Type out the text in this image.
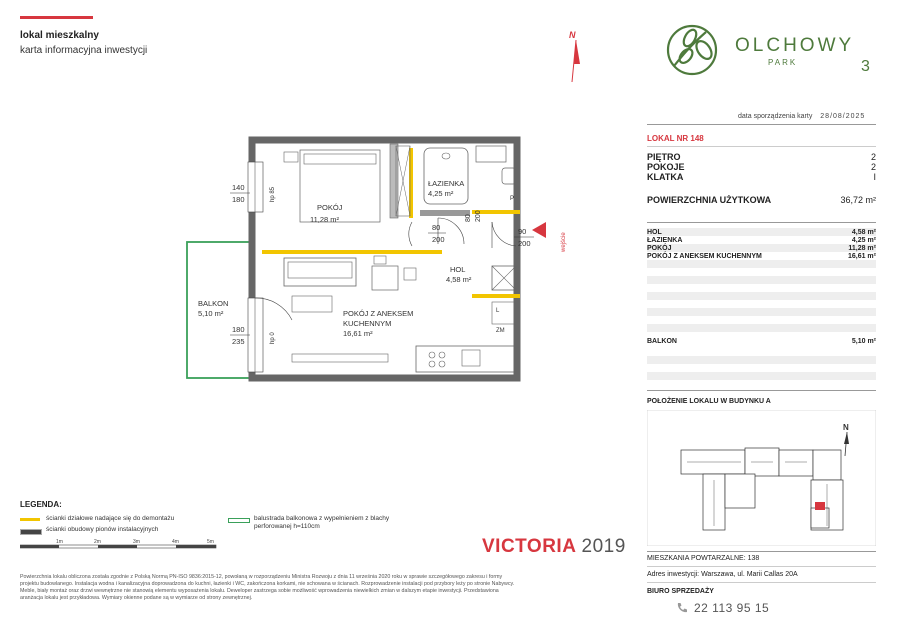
lokal mieszkalny
karta informacyjna inwestycji
N	OLCHOWY
PARK	3
data sporządzenia karty 28/08/2025
LOKAL NR 148
PIĘTRO	2
POKOJE	2
KLATKA	I
POWIERZCHNIA UŻYTKOWA	36,72 m²
HOL	4,58 m²
ŁAZIENKA	4,25 m²
POKÓJ	11,28 m²
POKÓJ Z ANEKSEM KUCHENNYM	16,61 m²
BALKON	5,10 m²
POŁOŻENIE LOKALU W BUDYNKU A
N
MIESZKANIA POWTARZALNE: 138
Adres inwestycji: Warszawa, ul. Marii Callas 20A
BIURO SPRZEDAŻY
22 113 95 15
P
ZM
L
wejście
POKÓJ
11,28 m²
ŁAZIENKA
4,25 m²
HOL
4,58 m²
POKÓJ Z ANEKSEM
KUCHENNYM
16,61 m²
BALKON
5,10 m²
140
180	hp 85
180
235	hp 0
80
200
80 200
90
200
LEGENDA:
ścianki działowe nadające się do demontażu
ścianki obudowy pionów instalacyjnych
balustrada balkonowa z wypełnieniem z blachy
perforowanej h=110cm
1m	2m	3m	4m	5m	VICTORIA 2019
Powierzchnia lokalu obliczona została zgodnie z Polską Normą PN-ISO 9836:2015-12, powołaną w rozporządzeniu Ministra Rozwoju z dnia 11 września 2020 roku w sprawie szczegółowego zakresu i formy
projektu budowlanego. Instalacja wodna i kanalizacyjna doprowadzona do kuchni, łazienki i WC, zakończona korkami, nie schowana w ścianach. Rozprowadzenie instalacji pod przybory leży po stronie Nabywcy.
Meble, biały montaż oraz drzwi wewnętrzne nie stanowią elementu wyposażenia lokalu. Deweloper zastrzega sobie możliwość wprowadzenia niewielkich zmian w dalszym etapie inwestycji. Przedstawiona
aranżacja lokalu jest przykładowa. Wymiary okienne podane są w wymiarze od strony zewnętrznej.
